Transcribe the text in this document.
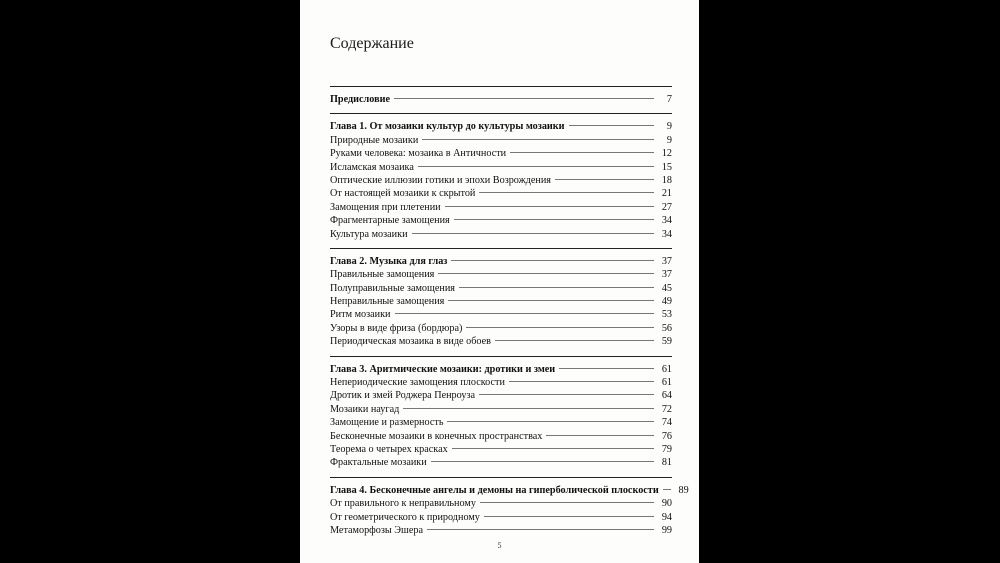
Содержание
Предисловие	7
Глава 1. От мозаики культур до культуры мозаики	9
Природные мозаики	9
Руками человека: мозаика в Античности	12
Исламская мозаика	15
Оптические иллюзии готики и эпохи Возрождения	18
От настоящей мозаики к скрытой	21
Замощения при плетении	27
Фрагментарные замощения	34
Культура мозаики	34
Глава 2. Музыка для глаз	37
Правильные замощения	37
Полуправильные замощения	45
Неправильные замощения	49
Ритм мозаики	53
Узоры в виде фриза (бордюра)	56
Периодическая мозаика в виде обоев	59
Глава 3. Аритмические мозаики: дротики и змеи	61
Непериодические замощения плоскости	61
Дротик и змей Роджера Пенроуза	64
Мозаики наугад	72
Замощение и размерность	74
Бесконечные мозаики в конечных пространствах	76
Теорема о четырех красках	79
Фрактальные мозаики	81
Глава 4. Бесконечные ангелы и демоны на гиперболической плоскости	89
От правильного к неправильному	90
От геометрического к природному	94
Метаморфозы Эшера	99
5
